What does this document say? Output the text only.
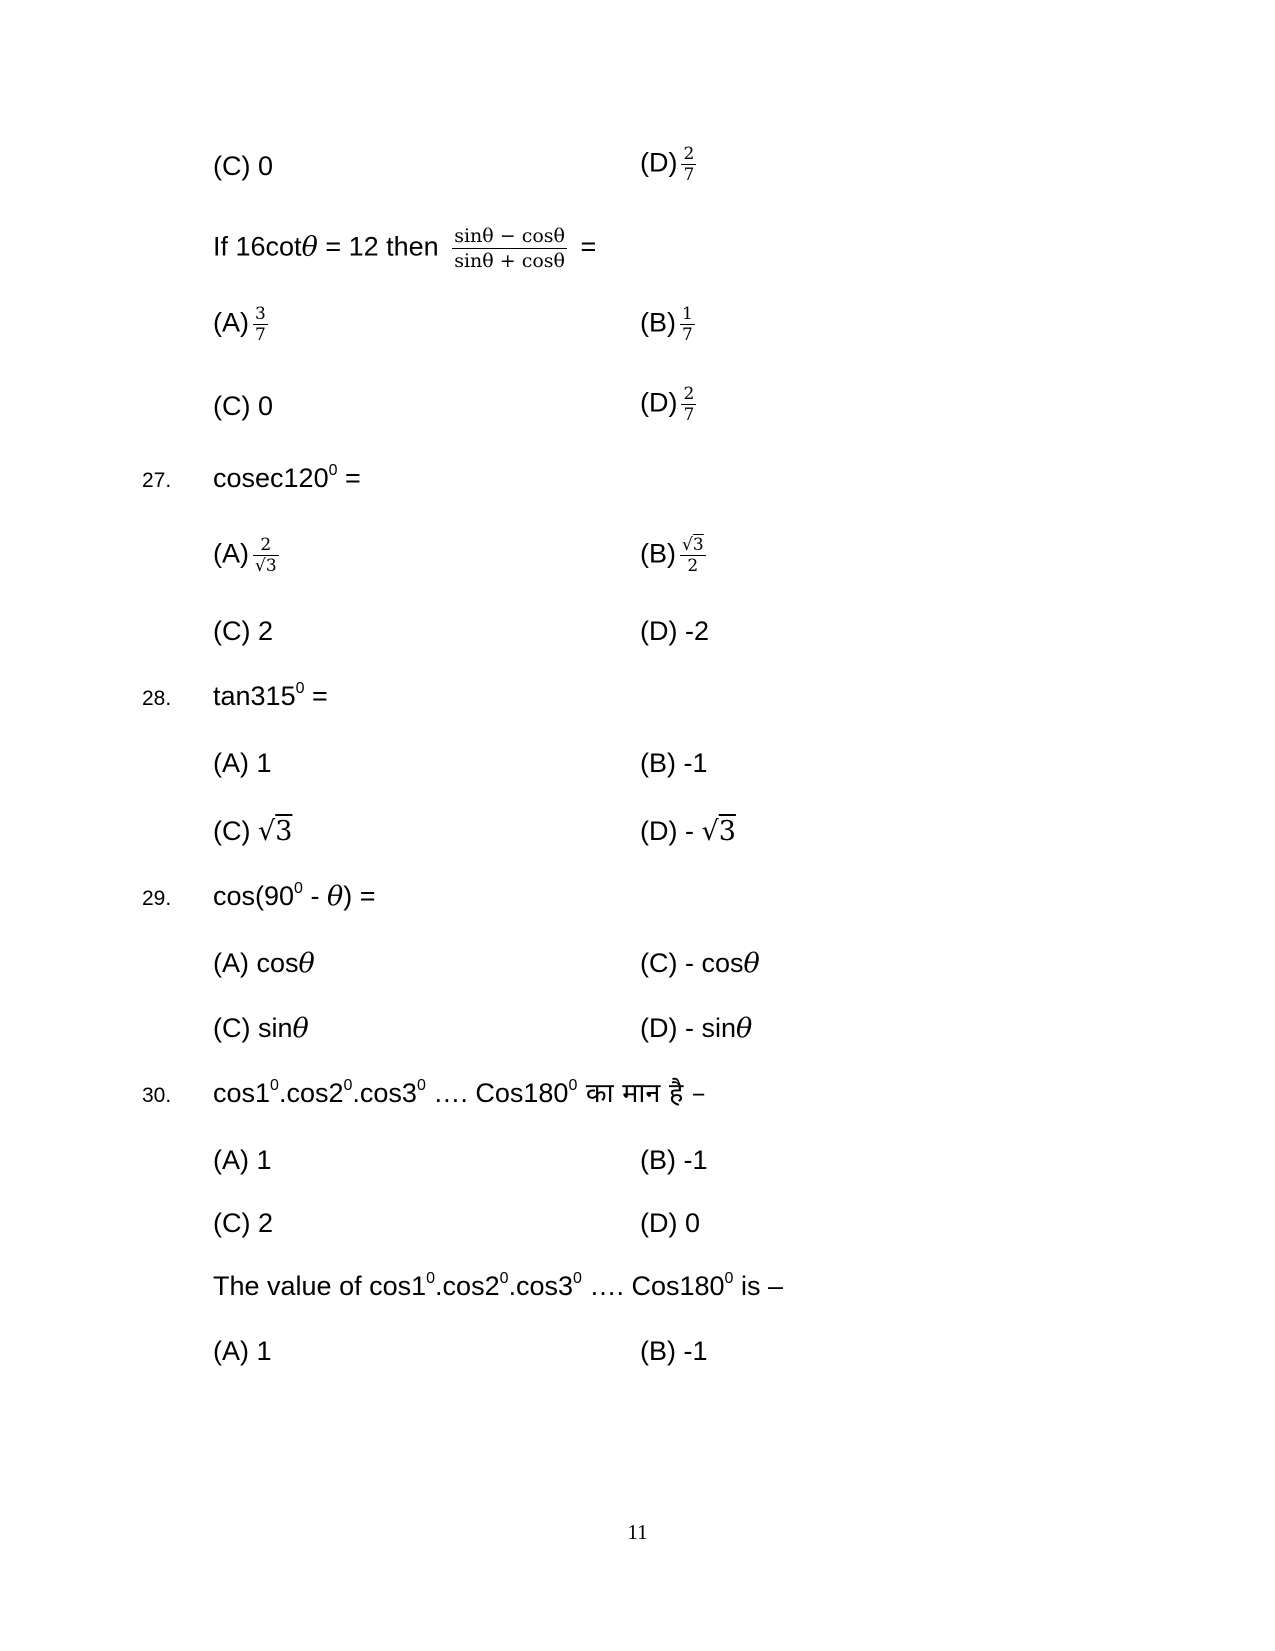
(C) 0	$(D) \frac{2}{7}$
If 16cotθ = 12 then $\frac{\sin\theta - \cos\theta}{\sin\theta + \cos\theta}$ =
$(A) \frac{3}{7}$	$(B) \frac{1}{7}$
(C) 0	$(D) \frac{2}{7}$
27. $cosec120^0$ =
$(A) \frac{2}{√3}$	$(B) \frac{√3}{2}$
(C) 2	(D) -2
28. $\tan 315^0$ =
(A) 1	(B) -1
(C) √3	(D) - √3
29. $\cos(90^0 - \theta)$ =
(A) cosθ	(C) - cosθ
(C) sinθ	(D) - sinθ
30. $\cos 1^0.\cos 2^0.\cos 3^0$ …. $Cos180^0$ का मान है –
(A) 1	(B) -1
(C) 2	(D) 0
The value of $\cos 1^0.\cos 2^0.\cos 3^0$ …. $Cos180^0$ is –
(A) 1	(B) -1
11
